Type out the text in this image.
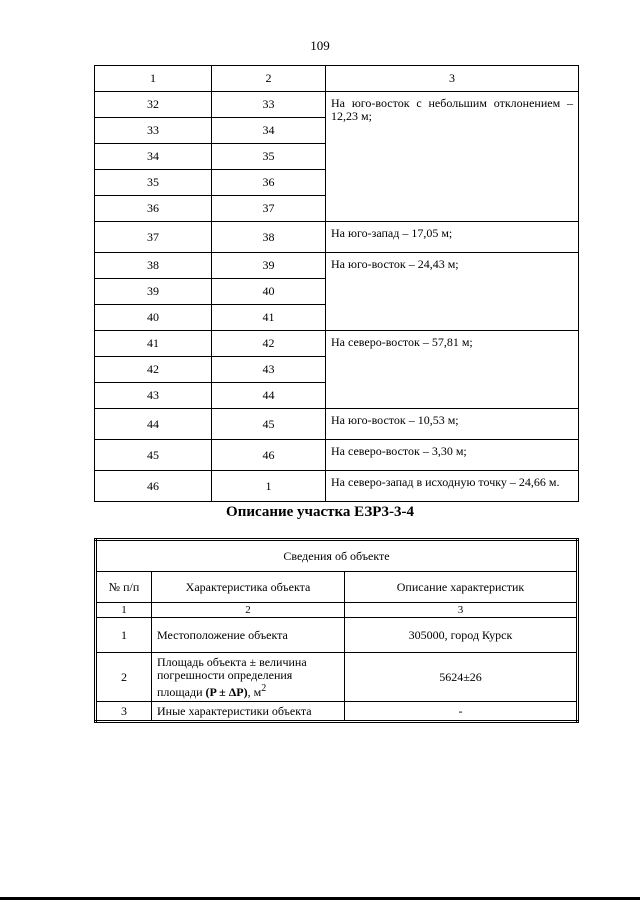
109
1	2	3
32	33	На юго-восток с небольшим отклонением – 12,23 м;
33	34	
34	35	
35	36	
36	37	
37	38	На юго-запад – 17,05 м;
38	39	На юго-восток – 24,43 м;
39	40	
40	41	
41	42	На северо-восток – 57,81 м;
42	43	
43	44	
44	45	На юго-восток – 10,53 м;
45	46	На северо-восток – 3,30 м;
46	1	На северо-запад в исходную точку – 24,66 м.
Описание участка ЕЗР3-3-4
Сведения об объекте		
№ п/п	Характеристика объекта	Описание характеристик
1	2	3
1	Местоположение объекта	305000, город Курск
2	Площадь объекта ± величина
погрешности определения
площади (P ± ΔP), $м^2$	5624±26
3	Иные характеристики объекта	-
